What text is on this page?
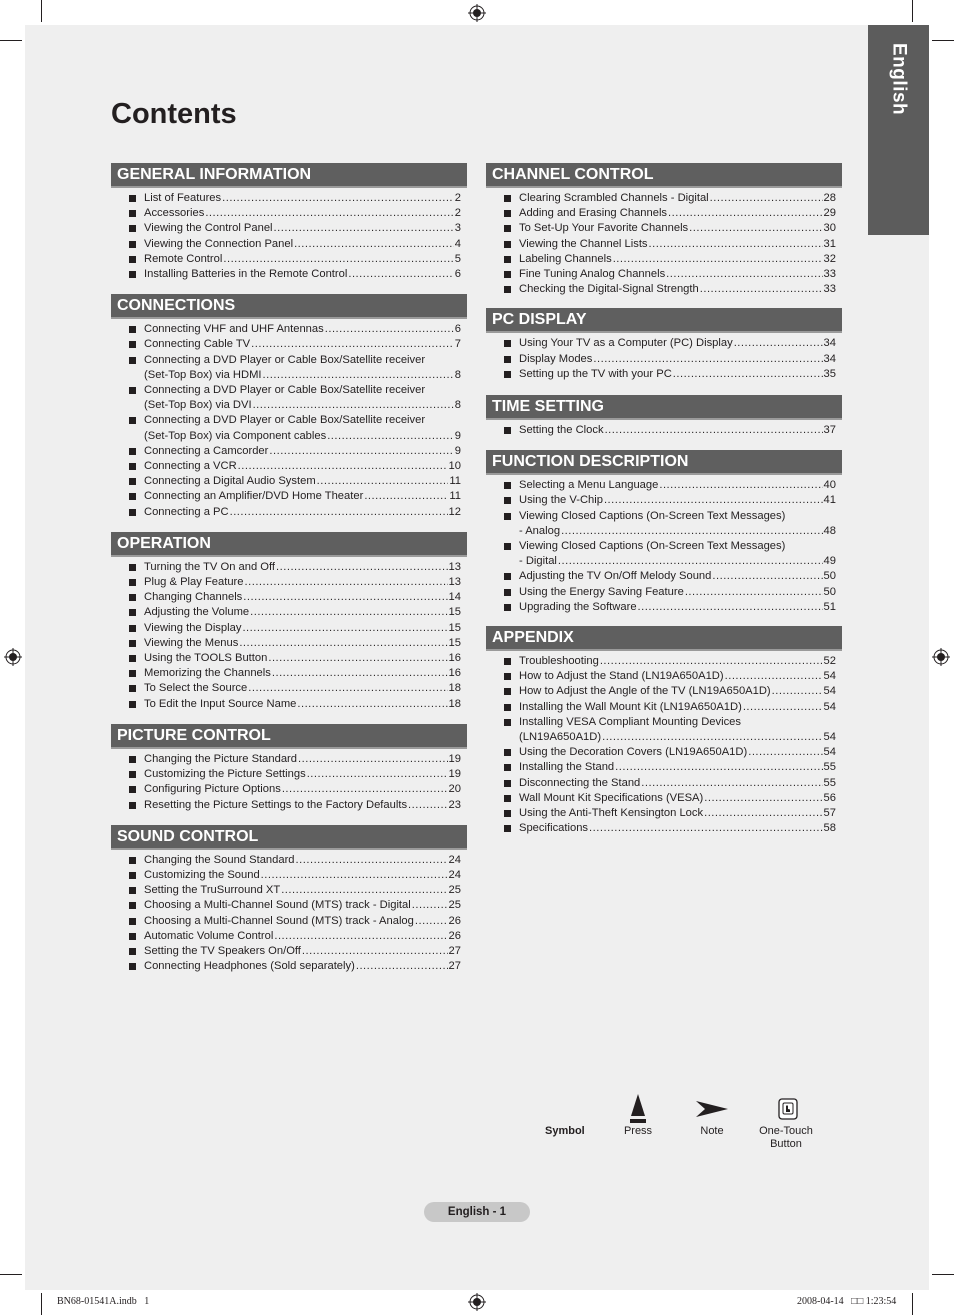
English
Contents
GENERAL INFORMATION
List of Features .....	2
Accessories .....	2
Viewing the Control Panel .....	3
Viewing the Connection Panel .....	4
Remote Control .....	5
Installing Batteries in the Remote Control .....	6
CONNECTIONS
Connecting VHF and UHF Antennas .....	6
Connecting Cable TV .....	7
Connecting a DVD Player or Cable Box/Satellite receiver
(Set-Top Box) via HDMI .....	8
Connecting a DVD Player or Cable Box/Satellite receiver
(Set-Top Box) via DVI .....	8
Connecting a DVD Player or Cable Box/Satellite receiver
(Set-Top Box) via Component cables .....	9
Connecting a Camcorder .....	9
Connecting a VCR .....	10
Connecting a Digital Audio System .....	11
Connecting an Amplifier/DVD Home Theater .....	11
Connecting a PC .....	12
OPERATION
Turning the TV On and Off .....	13
Plug & Play Feature .....	13
Changing Channels .....	14
Adjusting the Volume .....	15
Viewing the Display .....	15
Viewing the Menus .....	15
Using the TOOLS Button .....	16
Memorizing the Channels .....	16
To Select the Source .....	18
To Edit the Input Source Name .....	18
PICTURE CONTROL
Changing the Picture Standard .....	19
Customizing the Picture Settings .....	19
Configuring Picture Options .....	20
Resetting the Picture Settings to the Factory Defaults .....	23
SOUND CONTROL
Changing the Sound Standard .....	24
Customizing the Sound .....	24
Setting the TruSurround XT .....	25
Choosing a Multi-Channel Sound (MTS) track - Digital .....	25
Choosing a Multi-Channel Sound (MTS) track - Analog .....	26
Automatic Volume Control .....	26
Setting the TV Speakers On/Off .....	27
Connecting Headphones (Sold separately) .....	27
CHANNEL CONTROL
Clearing Scrambled Channels - Digital .....	28
Adding and Erasing Channels .....	29
To Set-Up Your Favorite Channels .....	30
Viewing the Channel Lists .....	31
Labeling Channels .....	32
Fine Tuning Analog Channels .....	33
Checking the Digital-Signal Strength .....	33
PC DISPLAY
Using Your TV as a Computer (PC) Display .....	34
Display Modes .....	34
Setting up the TV with your PC .....	35
TIME SETTING
Setting the Clock .....	37
FUNCTION DESCRIPTION
Selecting a Menu Language .....	40
Using the V-Chip .....	41
Viewing Closed Captions (On-Screen Text Messages)
- Analog .....	48
Viewing Closed Captions (On-Screen Text Messages)
- Digital .....	49
Adjusting the TV On/Off Melody Sound .....	50
Using the Energy Saving Feature .....	50
Upgrading the Software .....	51
APPENDIX
Troubleshooting .....	52
How to Adjust the Stand (LN19A650A1D) .....	54
How to Adjust the Angle of the TV (LN19A650A1D) .....	54
Installing the Wall Mount Kit (LN19A650A1D) .....	54
Installing VESA Compliant Mounting Devices
(LN19A650A1D) .....	54
Using the Decoration Covers (LN19A650A1D) .....	54
Installing the Stand .....	55
Disconnecting the Stand .....	55
Wall Mount Kit Specifications (VESA) .....	56
Using the Anti-Theft Kensington Lock .....	57
Specifications .....	58
Symbol	Press	Note	One-Touch
Button
English - 1
BN68-01541A.indb   1	2008-04-14   □□ 1:23:54
